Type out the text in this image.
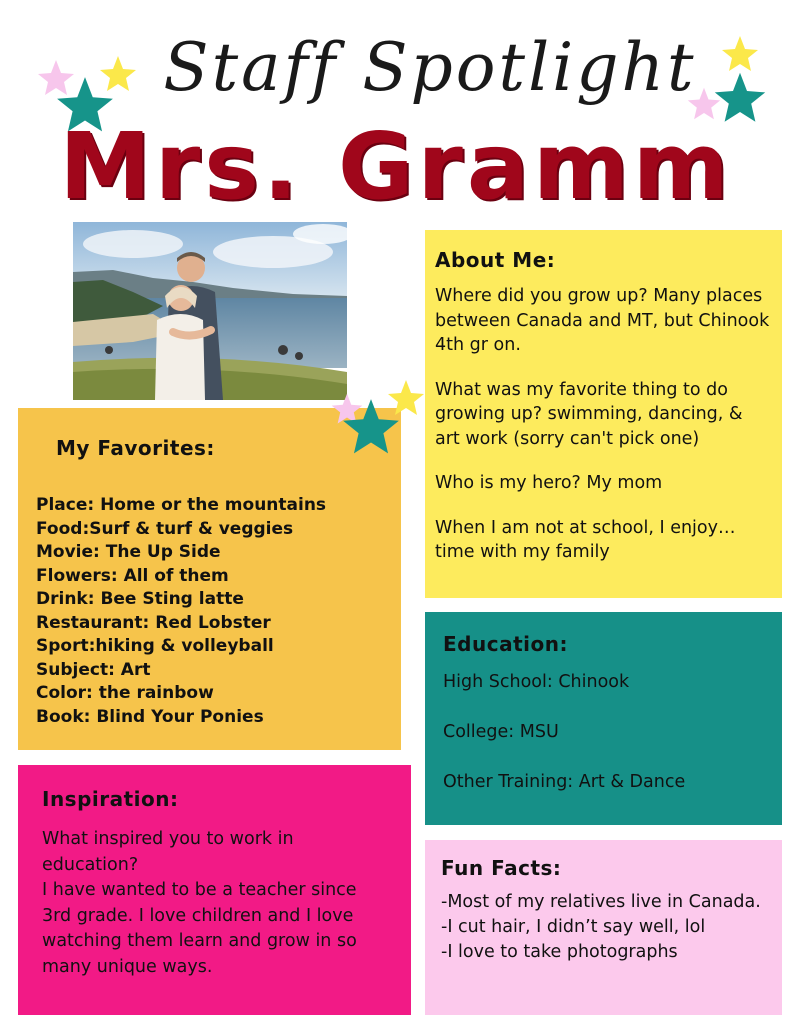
Staff Spotlight
Mrs. Gramm
About Me:

Where did you grow up? Many places between Canada and MT, but Chinook 4th gr on.

What was my favorite thing to do growing up? swimming, dancing, & art work (sorry can't pick one)

Who is my hero? My mom

When I am not at school, I enjoy… time with my family

My Favorites:
Place: Home or the mountains
Food:Surf & turf & veggies
Movie: The Up Side
Flowers: All of them
Drink: Bee Sting latte
Restaurant: Red Lobster
Sport:hiking & volleyball
Subject: Art
Color: the rainbow
Book: Blind Your Ponies
Education:

High School: Chinook

College: MSU

Other Training: Art & Dance

Inspiration:

What inspired you to work in education?
I have wanted to be a teacher since 3rd grade. I love children and I love watching them learn and grow in so many unique ways.

Fun Facts:

-Most of my relatives live in Canada.

-I cut hair, I didn’t say well, lol

-I love to take photographs
